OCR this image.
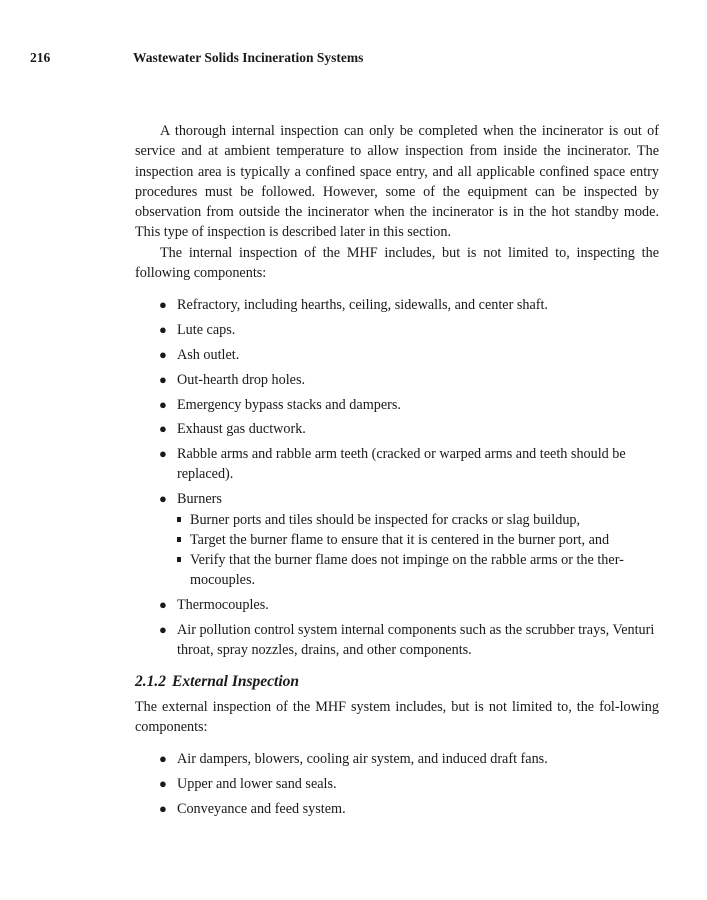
216	Wastewater Solids Incineration Systems

A thorough internal inspection can only be completed when the incinerator is out of service and at ambient temperature to allow inspection from inside the incinerator. The inspection area is typically a confined space entry, and all applicable confined space entry procedures must be followed. However, some of the equipment can be inspected by observation from outside the incinerator when the incinerator is in the hot standby mode. This type of inspection is described later in this section.

The internal inspection of the MHF includes, but is not limited to, inspecting the following components:

● Refractory, including hearths, ceiling, sidewalls, and center shaft.
● Lute caps.
● Ash outlet.
● Out-hearth drop holes.
● Emergency bypass stacks and dampers.
● Exhaust gas ductwork.
● Rabble arms and rabble arm teeth (cracked or warped arms and teeth should be replaced).
● Burners
Burner ports and tiles should be inspected for cracks or slag buildup,
Target the burner flame to ensure that it is centered in the burner port, and
Verify that the burner flame does not impinge on the rabble arms or the ther-mocouples.
● Thermocouples.
● Air pollution control system internal components such as the scrubber trays, Venturi throat, spray nozzles, drains, and other components.
2.1.2 External Inspection

The external inspection of the MHF system includes, but is not limited to, the fol-lowing components:

● Air dampers, blowers, cooling air system, and induced draft fans.
● Upper and lower sand seals.
● Conveyance and feed system.
